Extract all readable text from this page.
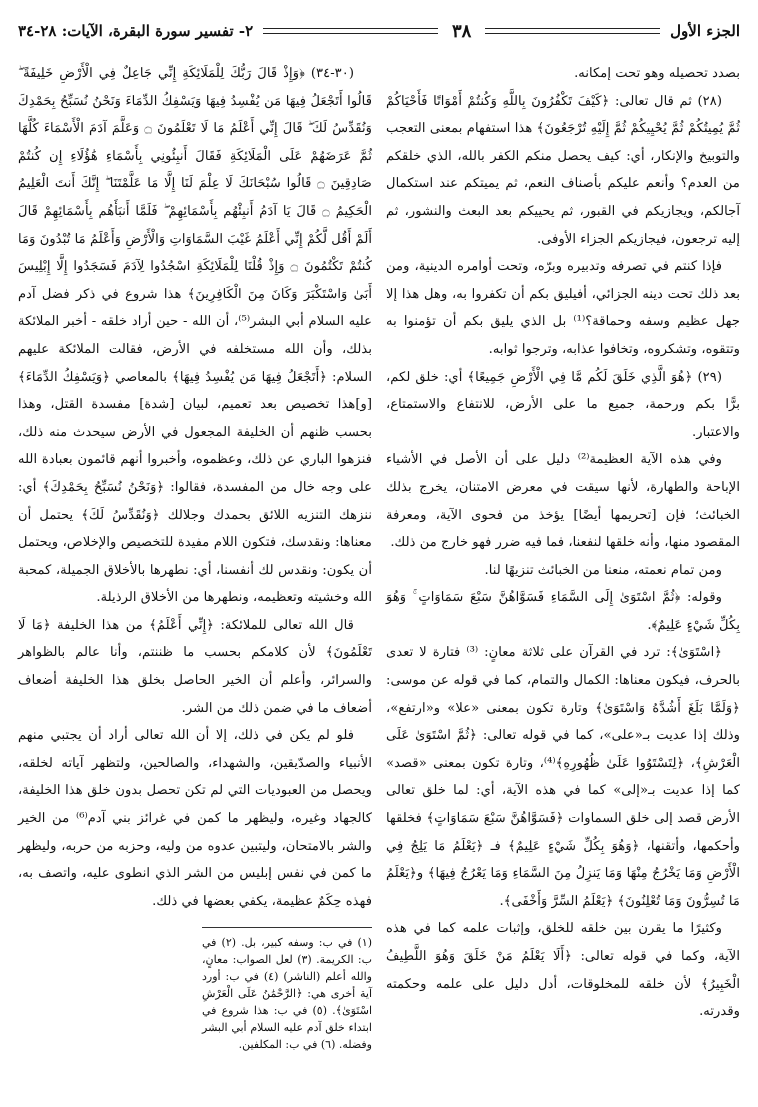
الجزء الأول
٣٨
٢- تفسير سورة البقرة، الآيات: ٢٨-٣٤

بصدد تحصيله وهو تحت إمكانه.

(٢٨) ثم قال تعالى: ﴿كَيْفَ تَكْفُرُونَ بِاللَّهِ وَكُنتُمْ أَمْوَاتًا فَأَحْيَاكُمْ ثُمَّ يُمِيتُكُمْ ثُمَّ يُحْيِيكُمْ ثُمَّ إِلَيْهِ تُرْجَعُونَ﴾ هذا استفهام بمعنى التعجب والتوبيخ والإنكار، أي: كيف يحصل منكم الكفر بالله، الذي خلقكم من العدم؟ وأنعم عليكم بأصناف النعم، ثم يميتكم عند استكمال آجالكم، ويجازيكم في القبور، ثم يحييكم بعد البعث والنشور، ثم إليه ترجعون، فيجازيكم الجزاء الأوفى.

فإذا كنتم في تصرفه وتدبيره وبرّه، وتحت أوامره الدينية، ومن بعد ذلك تحت دينه الجزائي، أفيليق بكم أن تكفروا به، وهل هذا إلا جهل عظيم وسفه وحماقة؟⁽¹⁾ بل الذي يليق بكم أن تؤمنوا به وتتقوه، وتشكروه، وتخافوا عذابه، وترجوا ثوابه.

(٢٩) ﴿هُوَ الَّذِي خَلَقَ لَكُم مَّا فِي الْأَرْضِ جَمِيعًا﴾ أي: خلق لكم، برًّا بكم ورحمة، جميع ما على الأرض، للانتفاع والاستمتاع، والاعتبار.

وفي هذه الآية العظيمة⁽²⁾ دليل على أن الأصل في الأشياء الإباحة والطهارة، لأنها سيقت في معرض الامتنان، يخرج بذلك الخبائث؛ فإن [تحريمها أيضًا] يؤخذ من فحوى الآية، ومعرفة المقصود منها، وأنه خلقها لنفعنا، فما فيه ضرر فهو خارج من ذلك.

ومن تمام نعمته، منعنا من الخبائث تنزيهًا لنا.

وقوله: ﴿ثُمَّ اسْتَوَىٰ إِلَى السَّمَاءِ فَسَوَّاهُنَّ سَبْعَ سَمَاوَاتٍ ۚ وَهُوَ بِكُلِّ شَيْءٍ عَلِيمٌ﴾.

﴿اسْتَوَىٰ﴾: ترد في القرآن على ثلاثة معانٍ: ⁽³⁾ فتارة لا تعدى بالحرف، فيكون معناها: الكمال والتمام، كما في قوله عن موسى: ﴿وَلَمَّا بَلَغَ أَشُدَّهُ وَاسْتَوَىٰ﴾ وتارة تكون بمعنى «علا» و«ارتفع»، وذلك إذا عديت بـ«على»، كما في قوله تعالى: ﴿ثُمَّ اسْتَوَىٰ عَلَى الْعَرْشِ﴾، ﴿لِتَسْتَوُوا عَلَىٰ ظُهُورِهِ﴾⁽⁴⁾، وتارة تكون بمعنى «قصد» كما إذا عديت بـ«إلى» كما في هذه الآية، أي: لما خلق تعالى الأرض قصد إلى خلق السماوات ﴿فَسَوَّاهُنَّ سَبْعَ سَمَاوَاتٍ﴾ فخلقها وأحكمها، وأتقنها، ﴿وَهُوَ بِكُلِّ شَيْءٍ عَلِيمٌ﴾ فـ ﴿يَعْلَمُ مَا يَلِجُ فِي الْأَرْضِ وَمَا يَخْرُجُ مِنْهَا وَمَا يَنزِلُ مِنَ السَّمَاءِ وَمَا يَعْرُجُ فِيهَا﴾ و﴿يَعْلَمُ مَا تُسِرُّونَ وَمَا تُعْلِنُونَ﴾ ﴿يَعْلَمُ السِّرَّ وَأَخْفَى﴾.

وكثيرًا ما يقرن بين خلقه للخلق، وإثبات علمه كما في هذه الآية، وكما في قوله تعالى: ﴿أَلَا يَعْلَمُ مَنْ خَلَقَ وَهُوَ اللَّطِيفُ الْخَبِيرُ﴾ لأن خلقه للمخلوقات، أدل دليل على علمه وحكمته وقدرته.

(٣٠-٣٤) ﴿وَإِذْ قَالَ رَبُّكَ لِلْمَلَائِكَةِ إِنِّي جَاعِلٌ فِي الْأَرْضِ خَلِيفَةً ۖ قَالُوا أَتَجْعَلُ فِيهَا مَن يُفْسِدُ فِيهَا وَيَسْفِكُ الدِّمَاءَ وَنَحْنُ نُسَبِّحُ بِحَمْدِكَ وَنُقَدِّسُ لَكَ ۖ قَالَ إِنِّي أَعْلَمُ مَا لَا تَعْلَمُونَ ۝ وَعَلَّمَ آدَمَ الْأَسْمَاءَ كُلَّهَا ثُمَّ عَرَضَهُمْ عَلَى الْمَلَائِكَةِ فَقَالَ أَنبِئُونِي بِأَسْمَاءِ هَٰؤُلَاءِ إِن كُنتُمْ صَادِقِينَ ۝ قَالُوا سُبْحَانَكَ لَا عِلْمَ لَنَا إِلَّا مَا عَلَّمْتَنَا ۖ إِنَّكَ أَنتَ الْعَلِيمُ الْحَكِيمُ ۝ قَالَ يَا آدَمُ أَنبِئْهُم بِأَسْمَائِهِمْ ۖ فَلَمَّا أَنبَأَهُم بِأَسْمَائِهِمْ قَالَ أَلَمْ أَقُل لَّكُمْ إِنِّي أَعْلَمُ غَيْبَ السَّمَاوَاتِ وَالْأَرْضِ وَأَعْلَمُ مَا تُبْدُونَ وَمَا كُنتُمْ تَكْتُمُونَ ۝ وَإِذْ قُلْنَا لِلْمَلَائِكَةِ اسْجُدُوا لِآدَمَ فَسَجَدُوا إِلَّا إِبْلِيسَ أَبَىٰ وَاسْتَكْبَرَ وَكَانَ مِنَ الْكَافِرِينَ﴾ هذا شروع في ذكر فضل آدم عليه السلام أبي البشر⁽⁵⁾، أن الله - حين أراد خلقه - أخبر الملائكة بذلك، وأن الله مستخلفه في الأرض، فقالت الملائكة عليهم السلام: ﴿أَتَجْعَلُ فِيهَا مَن يُفْسِدُ فِيهَا﴾ بالمعاصي ﴿وَيَسْفِكُ الدِّمَاءَ﴾ [و]هذا تخصيص بعد تعميم، لبيان [شدة] مفسدة القتل، وهذا بحسب ظنهم أن الخليفة المجعول في الأرض سيحدث منه ذلك، فنزهوا الباري عن ذلك، وعظموه، وأخبروا أنهم قائمون بعبادة الله على وجه خال من المفسدة، فقالوا: ﴿وَنَحْنُ نُسَبِّحُ بِحَمْدِكَ﴾ أي: ننزهك التنزيه اللائق بحمدك وجلالك ﴿وَنُقَدِّسُ لَكَ﴾ يحتمل أن معناها: ونقدسك، فتكون اللام مفيدة للتخصيص والإخلاص، ويحتمل أن يكون: ونقدس لك أنفسنا، أي: نطهرها بالأخلاق الجميلة، كمحبة الله وخشيته وتعظيمه، ونطهرها من الأخلاق الرذيلة.

قال الله تعالى للملائكة: ﴿إِنِّي أَعْلَمُ﴾ من هذا الخليفة ﴿مَا لَا تَعْلَمُونَ﴾ لأن كلامكم بحسب ما ظننتم، وأنا عالم بالظواهر والسرائر، وأعلم أن الخير الحاصل بخلق هذا الخليفة أضعاف أضعاف ما في ضمن ذلك من الشر.

فلو لم يكن في ذلك، إلا أن الله تعالى أراد أن يجتبي منهم الأنبياء والصدّيقين، والشهداء، والصالحين، ولتظهر آياته لخلقه، ويحصل من العبوديات التي لم تكن تحصل بدون خلق هذا الخليفة، كالجهاد وغيره، وليظهر ما كمن في غرائز بني آدم⁽⁶⁾ من الخير والشر بالامتحان، وليتبين عدوه من وليه، وحزبه من حربه، وليظهر ما كمن في نفس إبليس من الشر الذي انطوى عليه، واتصف به، فهذه حِكَمٌ عظيمة، يكفي بعضها في ذلك.

(١) في ب: وسفه كبير، بل. (٢) في ب: الكريمة. (٣) لعل الصواب: معانٍ، والله أعلم (الناشر) (٤) في ب: أورد آية أخرى هي: ﴿الرَّحْمَٰنُ عَلَى الْعَرْشِ اسْتَوَىٰ﴾. (٥) في ب: هذا شروع في ابتداء خلق آدم عليه السلام أبي البشر وفضله. (٦) في ب: المكلفين.
